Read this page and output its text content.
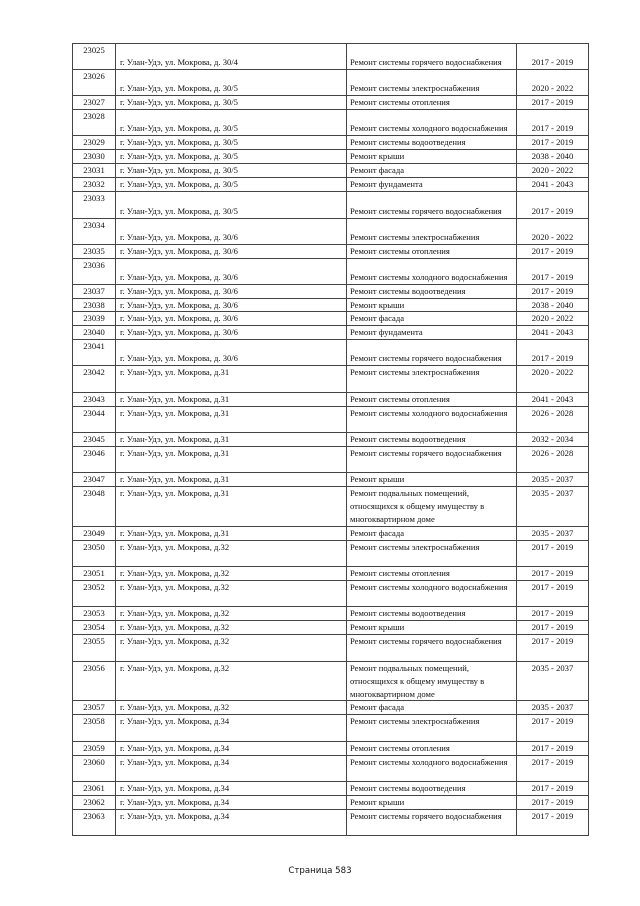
23025	г. Улан-Удэ, ул. Мокрова, д. 30/4	Ремонт системы горячего водоснабжения	2017 - 2019
23026	г. Улан-Удэ, ул. Мокрова, д. 30/5	Ремонт системы электроснабжения	2020 - 2022
23027	г. Улан-Удэ, ул. Мокрова, д. 30/5	Ремонт системы отопления	2017 - 2019
23028	г. Улан-Удэ, ул. Мокрова, д. 30/5	Ремонт системы холодного водоснабжения	2017 - 2019
23029	г. Улан-Удэ, ул. Мокрова, д. 30/5	Ремонт системы водоотведения	2017 - 2019
23030	г. Улан-Удэ, ул. Мокрова, д. 30/5	Ремонт крыши	2038 - 2040
23031	г. Улан-Удэ, ул. Мокрова, д. 30/5	Ремонт фасада	2020 - 2022
23032	г. Улан-Удэ, ул. Мокрова, д. 30/5	Ремонт фундамента	2041 - 2043
23033	г. Улан-Удэ, ул. Мокрова, д. 30/5	Ремонт системы горячего водоснабжения	2017 - 2019
23034	г. Улан-Удэ, ул. Мокрова, д. 30/6	Ремонт системы электроснабжения	2020 - 2022
23035	г. Улан-Удэ, ул. Мокрова, д. 30/6	Ремонт системы отопления	2017 - 2019
23036	г. Улан-Удэ, ул. Мокрова, д. 30/6	Ремонт системы холодного водоснабжения	2017 - 2019
23037	г. Улан-Удэ, ул. Мокрова, д. 30/6	Ремонт системы водоотведения	2017 - 2019
23038	г. Улан-Удэ, ул. Мокрова, д. 30/6	Ремонт крыши	2038 - 2040
23039	г. Улан-Удэ, ул. Мокрова, д. 30/6	Ремонт фасада	2020 - 2022
23040	г. Улан-Удэ, ул. Мокрова, д. 30/6	Ремонт фундамента	2041 - 2043
23041	г. Улан-Удэ, ул. Мокрова, д. 30/6	Ремонт системы горячего водоснабжения	2017 - 2019
23042	г. Улан-Удэ, ул. Мокрова, д.31	Ремонт системы электроснабжения	2020 - 2022
23043	г. Улан-Удэ, ул. Мокрова, д.31	Ремонт системы отопления	2041 - 2043
23044	г. Улан-Удэ, ул. Мокрова, д.31	Ремонт системы холодного водоснабжения	2026 - 2028
23045	г. Улан-Удэ, ул. Мокрова, д.31	Ремонт системы водоотведения	2032 - 2034
23046	г. Улан-Удэ, ул. Мокрова, д.31	Ремонт системы горячего водоснабжения	2026 - 2028
23047	г. Улан-Удэ, ул. Мокрова, д.31	Ремонт крыши	2035 - 2037
23048	г. Улан-Удэ, ул. Мокрова, д.31	Ремонт подвальных помещений, относящихся к общему имуществу в многоквартирном доме	2035 - 2037
23049	г. Улан-Удэ, ул. Мокрова, д.31	Ремонт фасада	2035 - 2037
23050	г. Улан-Удэ, ул. Мокрова, д.32	Ремонт системы электроснабжения	2017 - 2019
23051	г. Улан-Удэ, ул. Мокрова, д.32	Ремонт системы отопления	2017 - 2019
23052	г. Улан-Удэ, ул. Мокрова, д.32	Ремонт системы холодного водоснабжения	2017 - 2019
23053	г. Улан-Удэ, ул. Мокрова, д.32	Ремонт системы водоотведения	2017 - 2019
23054	г. Улан-Удэ, ул. Мокрова, д.32	Ремонт крыши	2017 - 2019
23055	г. Улан-Удэ, ул. Мокрова, д.32	Ремонт системы горячего водоснабжения	2017 - 2019
23056	г. Улан-Удэ, ул. Мокрова, д.32	Ремонт подвальных помещений, относящихся к общему имуществу в многоквартирном доме	2035 - 2037
23057	г. Улан-Удэ, ул. Мокрова, д.32	Ремонт фасада	2035 - 2037
23058	г. Улан-Удэ, ул. Мокрова, д.34	Ремонт системы электроснабжения	2017 - 2019
23059	г. Улан-Удэ, ул. Мокрова, д.34	Ремонт системы отопления	2017 - 2019
23060	г. Улан-Удэ, ул. Мокрова, д.34	Ремонт системы холодного водоснабжения	2017 - 2019
23061	г. Улан-Удэ, ул. Мокрова, д.34	Ремонт системы водоотведения	2017 - 2019
23062	г. Улан-Удэ, ул. Мокрова, д.34	Ремонт крыши	2017 - 2019
23063	г. Улан-Удэ, ул. Мокрова, д.34	Ремонт системы горячего водоснабжения	2017 - 2019
Страница 583
